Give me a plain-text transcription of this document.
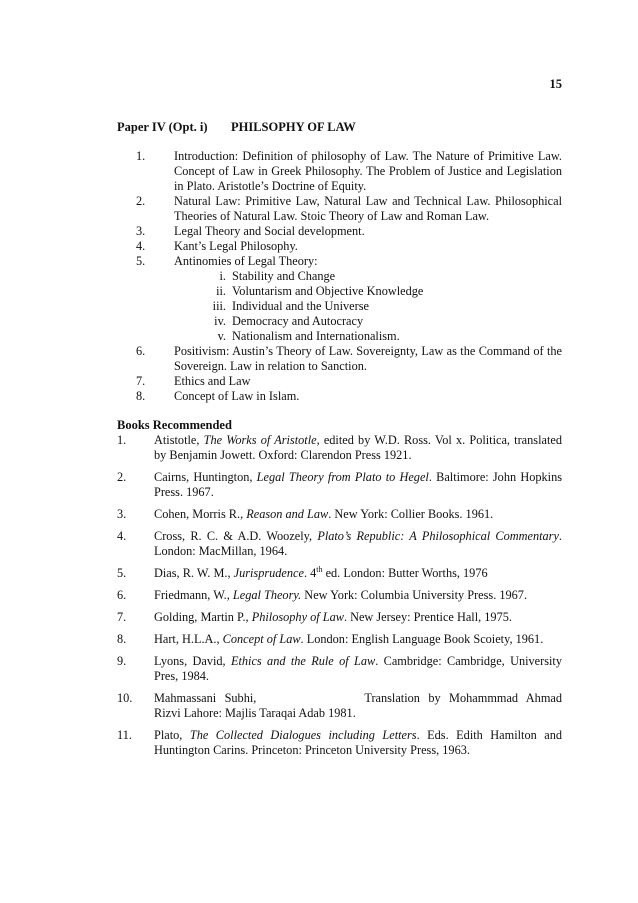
15
Paper IV (Opt. i) PHILSOPHY OF LAW
1.	Introduction: Definition of philosophy of Law. The Nature of Primitive Law. Concept of Law in Greek Philosophy. The Problem of Justice and Legislation in Plato. Aristotle’s Doctrine of Equity.
2.	Natural Law: Primitive Law, Natural Law and Technical Law. Philosophical Theories of Natural Law. Stoic Theory of Law and Roman Law.
3.	Legal Theory and Social development.
4.	Kant’s Legal Philosophy.
5.	Antinomies of Legal Theory:
i. Stability and Change
ii. Voluntarism and Objective Knowledge
iii. Individual and the Universe
iv. Democracy and Autocracy
v. Nationalism and Internationalism.
6.	Positivism: Austin’s Theory of Law. Sovereignty, Law as the Command of the Sovereign. Law in relation to Sanction.
7.	Ethics and Law
8.	Concept of Law in Islam.
Books Recommended
1.	Atistotle, The Works of Aristotle, edited by W.D. Ross. Vol x. Politica, translated by Benjamin Jowett. Oxford: Clarendon Press 1921.
2.	Cairns, Huntington, Legal Theory from Plato to Hegel. Baltimore: John Hopkins Press. 1967.
3.	Cohen, Morris R., Reason and Law. New York: Collier Books. 1961.
4.	Cross, R. C. & A.D. Woozely, Plato’s Republic: A Philosophical Commentary. London: MacMillan, 1964.
5.	Dias, R. W. M., Jurisprudence. 4th ed. London: Butter Worths, 1976
6.	Friedmann, W., Legal Theory. New York: Columbia University Press. 1967.
7.	Golding, Martin P., Philosophy of Law. New Jersey: Prentice Hall, 1975.
8.	Hart, H.L.A., Concept of Law. London: English Language Book Scoiety, 1961.
9.	Lyons, David, Ethics and the Rule of Law. Cambridge: Cambridge, University Pres, 1984.
10.	Mahmassani Subhi,	Translation by Mohammmad Ahmad Rizvi Lahore: Majlis Taraqai Adab 1981.
11.	Plato, The Collected Dialogues including Letters. Eds. Edith Hamilton and Huntington Carins. Princeton: Princeton University Press, 1963.
